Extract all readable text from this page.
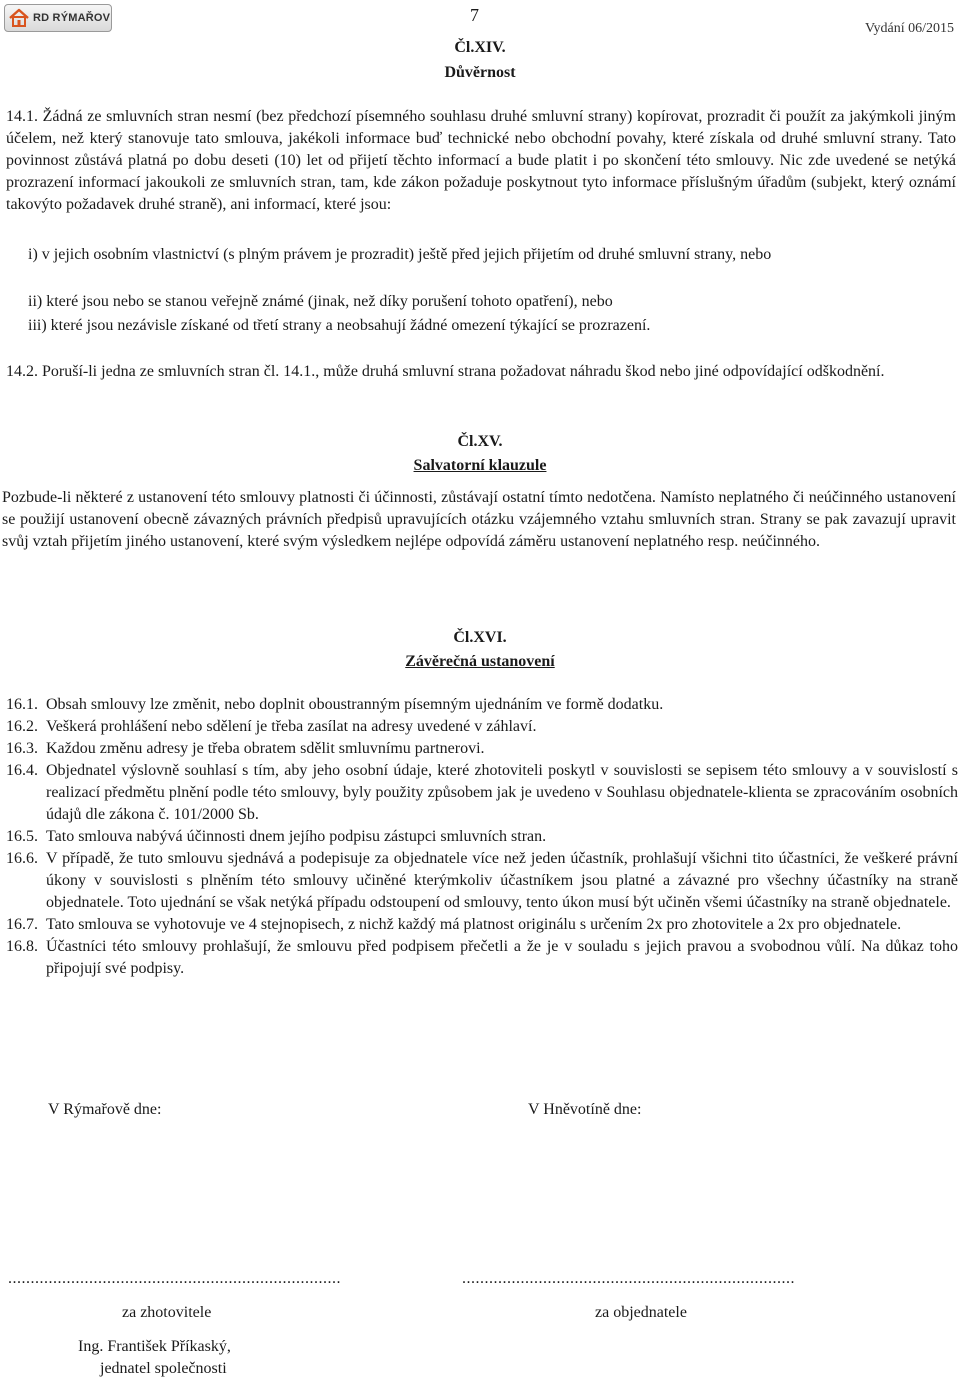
RD RÝMAŘOV	7
Vydání 06/2015
Čl.XIV.
Důvěrnost
14.1. Žádná ze smluvních stran nesmí (bez předchozí písemného souhlasu druhé smluvní strany) kopírovat, prozradit či použít za jakýmkoli jiným účelem, než který stanovuje tato smlouva, jakékoli informace buď technické nebo obchodní povahy, které získala od druhé smluvní strany. Tato povinnost zůstává platná po dobu deseti (10) let od přijetí těchto informací a bude platit i po skončení této smlouvy. Nic zde uvedené se netýká prozrazení informací jakoukoli ze smluvních stran, tam, kde zákon požaduje poskytnout tyto informace příslušným úřadům (subjekt, který oznámí takovýto požadavek druhé straně), ani informací, které jsou:
i) v jejich osobním vlastnictví (s plným právem je prozradit) ještě před jejich přijetím od druhé smluvní strany, nebo
ii) které jsou nebo se stanou veřejně známé (jinak, než díky porušení tohoto opatření), nebo
iii) které jsou nezávisle získané od třetí strany a neobsahují žádné omezení týkající se prozrazení.
14.2. Poruší-li jedna ze smluvních stran čl. 14.1., může druhá smluvní strana požadovat náhradu škod nebo jiné odpovídající odškodnění.
Čl.XV.
Salvatorní klauzule
Pozbude-li některé z ustanovení této smlouvy platnosti či účinnosti, zůstávají ostatní tímto nedotčena. Namísto neplatného či neúčinného ustanovení se použijí ustanovení obecně závazných právních předpisů upravujících otázku vzájemného vztahu smluvních stran. Strany se pak zavazují upravit svůj vztah přijetím jiného ustanovení, které svým výsledkem nejlépe odpovídá záměru ustanovení neplatného resp. neúčinného.
Čl.XVI.
Závěrečná ustanovení
16.1. Obsah smlouvy lze změnit, nebo doplnit oboustranným písemným ujednáním ve formě dodatku.
16.2. Veškerá prohlášení nebo sdělení je třeba zasílat na adresy uvedené v záhlaví.
16.3. Každou změnu adresy je třeba obratem sdělit smluvnímu partnerovi.
16.4. Objednatel výslovně souhlasí s tím, aby jeho osobní údaje, které zhotoviteli poskytl v souvislosti se sepisem této smlouvy a v souvislostí s realizací předmětu plnění podle této smlouvy, byly použity způsobem jak je uvedeno v Souhlasu objednatele-klienta se zpracováním osobních údajů dle zákona č. 101/2000 Sb.
16.5. Tato smlouva nabývá účinnosti dnem jejího podpisu zástupci smluvních stran.
16.6. V případě, že tuto smlouvu sjednává a podepisuje za objednatele více než jeden účastník, prohlašují všichni tito účastníci, že veškeré právní úkony v souvislosti s plněním této smlouvy učiněné kterýmkoliv účastníkem jsou platné a závazné pro všechny účastníky na straně objednatele. Toto ujednání se však netýká případu odstoupení od smlouvy, tento úkon musí být učiněn všemi účastníky na straně objednatele.
16.7. Tato smlouva se vyhotovuje ve 4 stejnopisech, z nichž každý má platnost originálu s určením 2x pro zhotovitele a 2x pro objednatele.
16.8. Účastníci této smlouvy prohlašují, že smlouvu před podpisem přečetli a že je v souladu s jejich pravou a svobodnou vůlí. Na důkaz toho připojují své podpisy.
V Rýmařově dne:	V Hněvotíně dne:
..........................................................................	..........................................................................
za zhotovitele	za objednatele
Ing. František Příkaský,
jednatel společnosti
